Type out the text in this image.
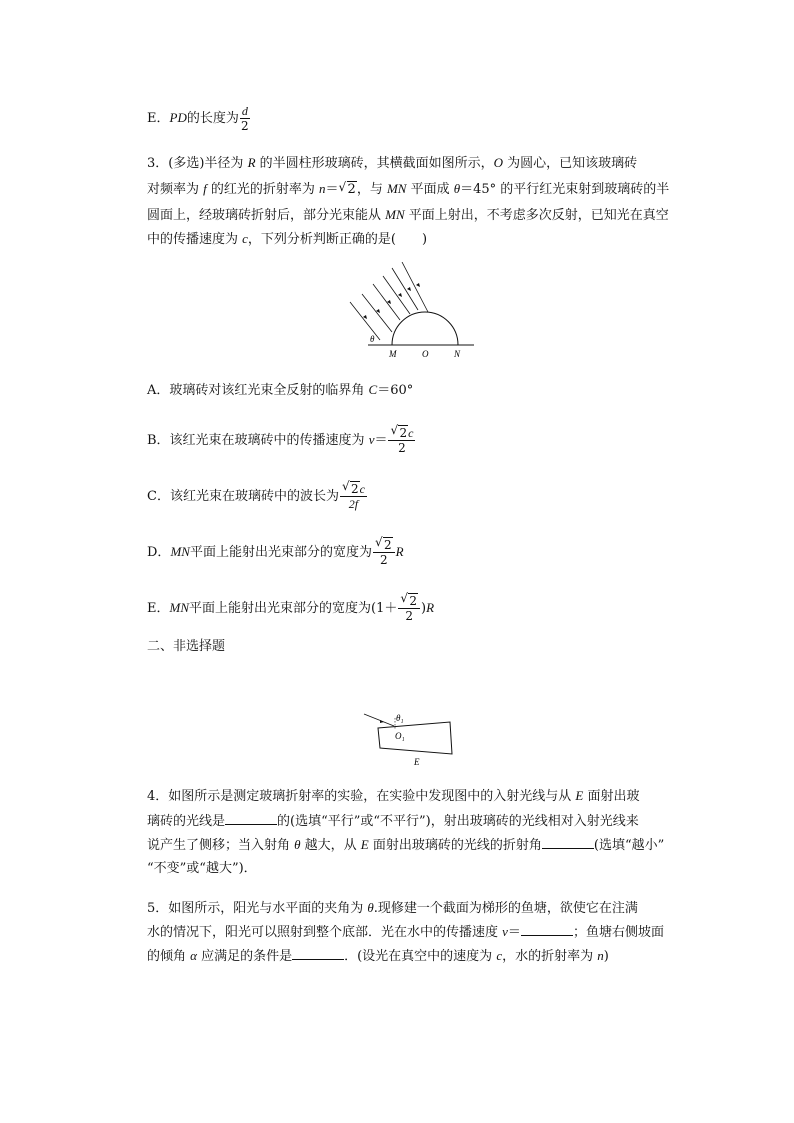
E．PD的长度为 $\frac{d}{2}$
3．(多选)半径为 R 的半圆柱形玻璃砖，其横截面如图所示，O 为圆心，已知该玻璃砖
对频率为 f 的红光的折射率为 n＝ √ 2，与 MN 平面成 θ＝45° 的平行红光束射到玻璃砖的半
圆面上，经玻璃砖折射后，部分光束能从 MN 平面上射出，不考虑多次反射，已知光在真空
中的传播速度为 c，下列分析判断正确的是(　　)
θ
M	O	N
A．玻璃砖对该红光束全反射的临界角 C＝60°
B．该红光束在玻璃砖中的传播速度为 $v= \frac{√ 2c}{2}$
C．该红光束在玻璃砖中的波长为 $\frac{√ 2c}{2f}$
D．MN平面上能射出光束部分的宽度为 $\frac{√ 2}{2}$ R
E．MN平面上能射出光束部分的宽度为$(1+ \frac{√ 2}{2} )R$
二、非选择题
θ₁
O₁
E
4．如图所示是测定玻璃折射率的实验，在实验中发现图中的入射光线与从 E 面射出玻
璃砖的光线是	的(选填“平行”或“不平行”)，射出玻璃砖的光线相对入射光线来
说产生了侧移；当入射角 θ 越大，从 E 面射出玻璃砖的光线的折射角	(选填“越小”
“不变”或“越大”)．
5．如图所示，阳光与水平面的夹角为 θ.现修建一个截面为梯形的鱼塘，欲使它在注满
水的情况下，阳光可以照射到整个底部．光在水中的传播速度 v＝	；鱼塘右侧坡面
的倾角 α 应满足的条件是	．(设光在真空中的速度为 c，水的折射率为 n)
